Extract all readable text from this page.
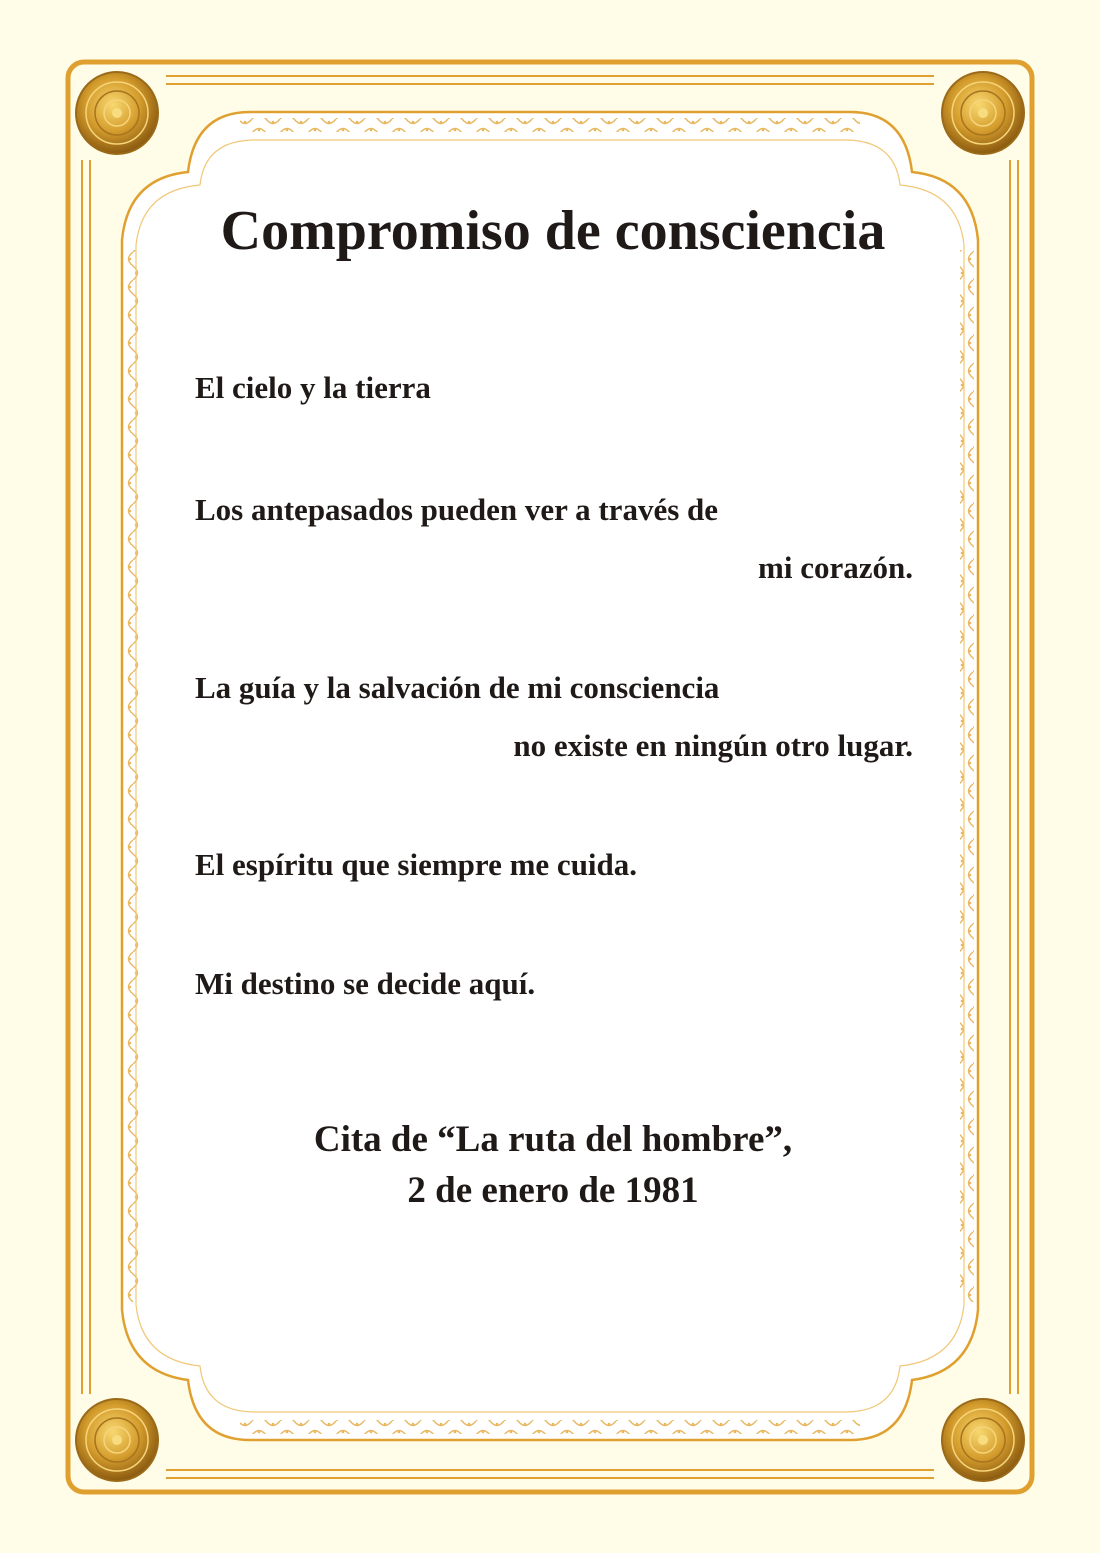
Compromiso de consciencia
El cielo y la tierra
Los antepasados pueden ver a través de
mi corazón.
La guía y la salvación de mi consciencia
no existe en ningún otro lugar.
El espíritu que siempre me cuida.
Mi destino se decide aquí.
Cita de “La ruta del hombre”,
2 de enero de 1981
